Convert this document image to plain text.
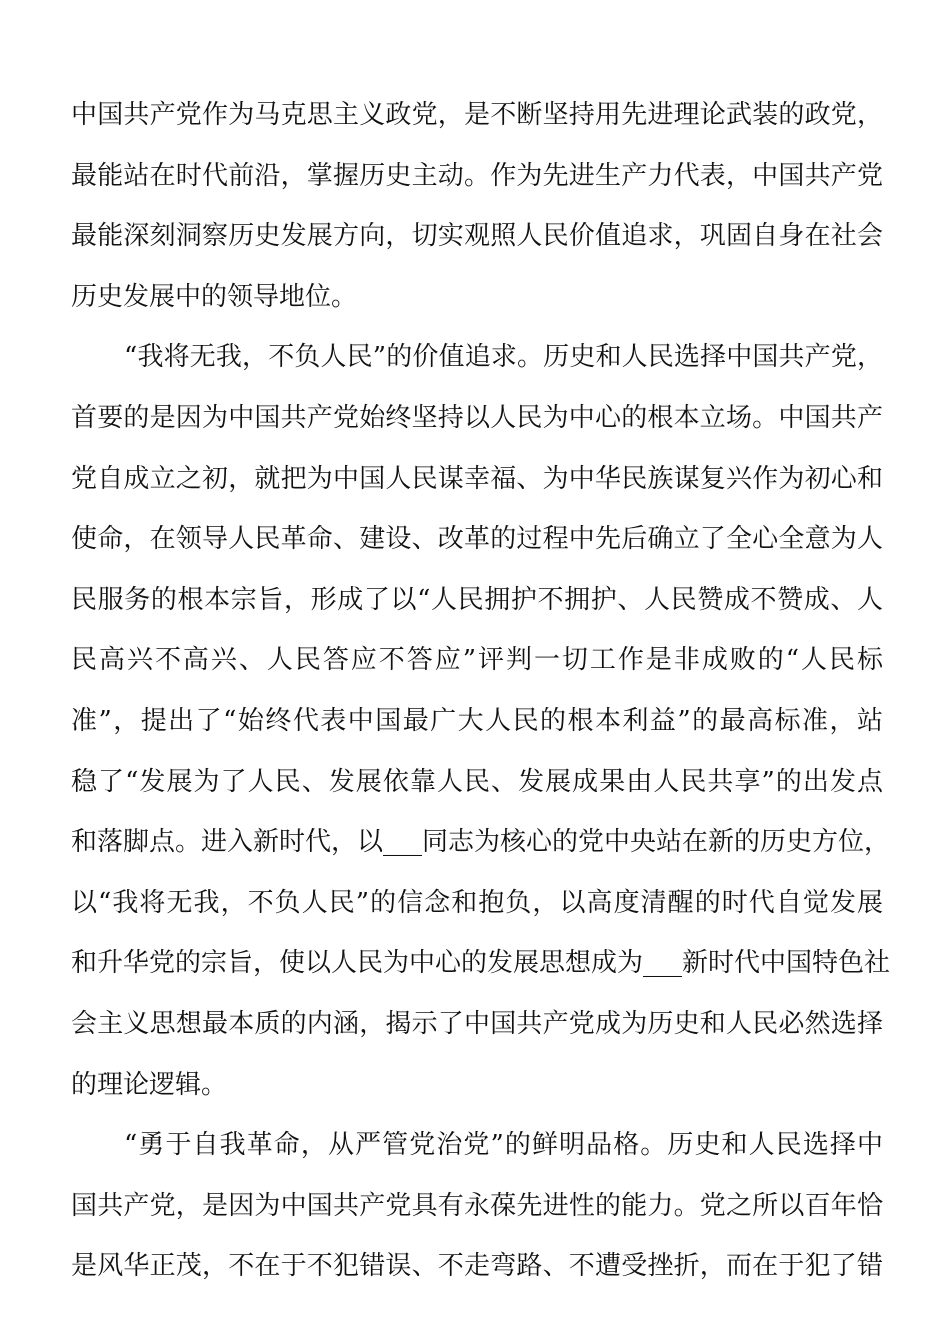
中国共产党作为马克思主义政党，是不断坚持用先进理论武装的政党，
最能站在时代前沿，掌握历史主动。作为先进生产力代表，中国共产党
最能深刻洞察历史发展方向，切实观照人民价值追求，巩固自身在社会
历史发展中的领导地位。
“我将无我，不负人民”的价值追求。历史和人民选择中国共产党，
首要的是因为中国共产党始终坚持以人民为中心的根本立场。中国共产
党自成立之初，就把为中国人民谋幸福、为中华民族谋复兴作为初心和
使命，在领导人民革命、建设、改革的过程中先后确立了全心全意为人
民服务的根本宗旨，形成了以“人民拥护不拥护、人民赞成不赞成、人
民高兴不高兴、人民答应不答应”评判一切工作是非成败的“人民标
准”，提出了“始终代表中国最广大人民的根本利益”的最高标准，站
稳了“发展为了人民、发展依靠人民、发展成果由人民共享”的出发点
和落脚点。进入新时代，以___同志为核心的党中央站在新的历史方位，
以“我将无我，不负人民”的信念和抱负，以高度清醒的时代自觉发展
和升华党的宗旨，使以人民为中心的发展思想成为___新时代中国特色社
会主义思想最本质的内涵，揭示了中国共产党成为历史和人民必然选择
的理论逻辑。
“勇于自我革命，从严管党治党”的鲜明品格。历史和人民选择中
国共产党，是因为中国共产党具有永葆先进性的能力。党之所以百年恰
是风华正茂，不在于不犯错误、不走弯路、不遭受挫折，而在于犯了错
